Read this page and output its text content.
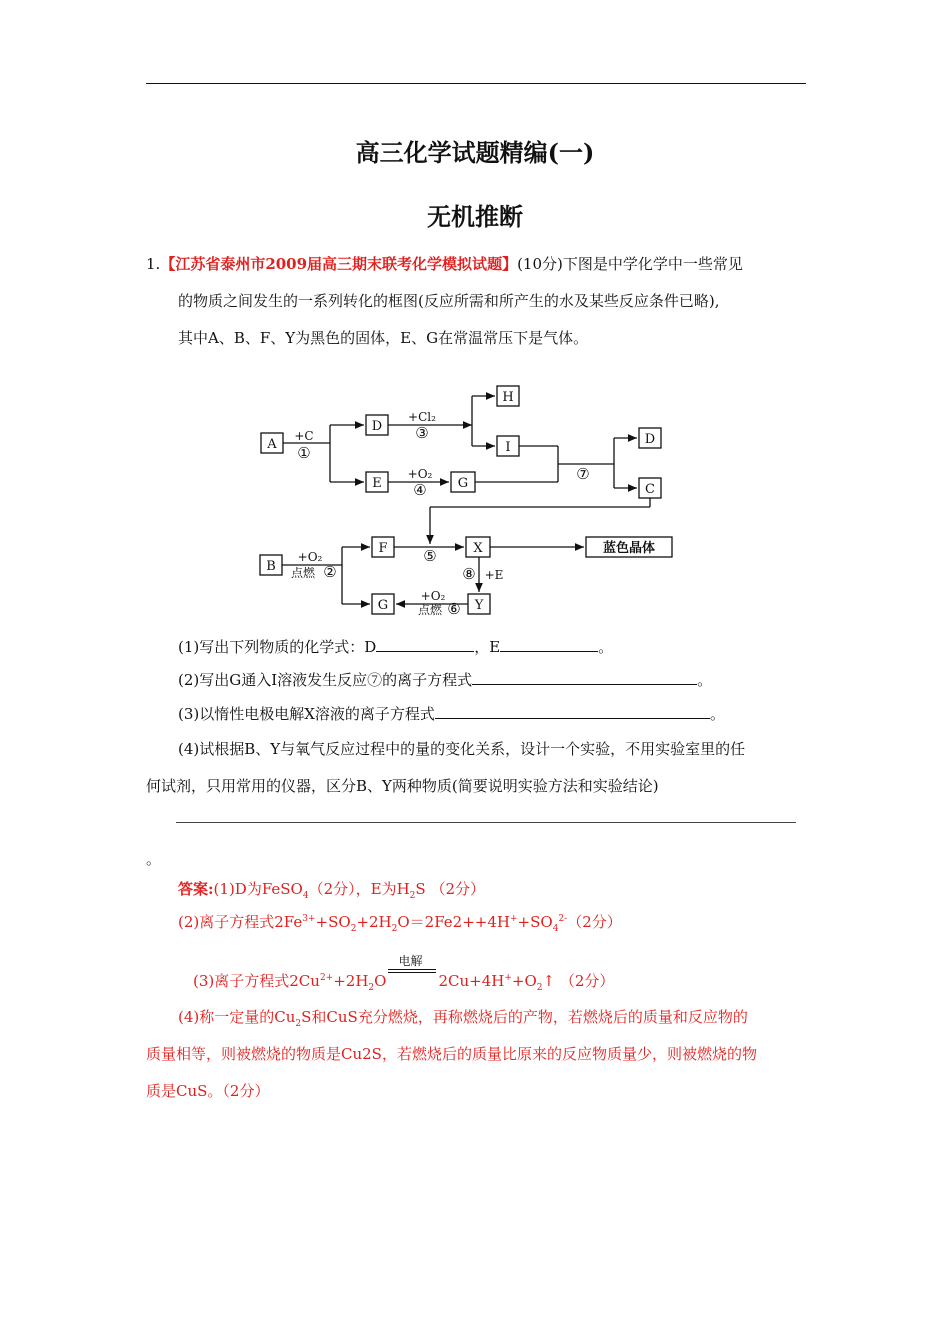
高三化学试题精编(一)
无机推断
1.【江苏省泰州市2009届高三期末联考化学模拟试题】(10分)下图是中学化学中一些常见
的物质之间发生的一系列转化的框图(反应所需和所产生的水及某些反应条件已略),
其中A、B、F、Y为黑色的固体，E、G在常温常压下是气体。
A
D
E	G
H
I
D
C
B
F	X	蓝色晶体
G	Y
+C
①
+Cl₂
③
+O₂
④
⑦
+O₂
点燃 ②
⑤
⑧ +E
+O₂
点燃 ⑥
(1)写出下列物质的化学式：D	，E	。
(2)写出G通入I溶液发生反应⑦的离子方程式	。
(3)以惰性电极电解X溶液的离子方程式	。
(4)试根据B、Y与氧气反应过程中的量的变化关系，设计一个实验，不用实验室里的任
何试剂，只用常用的仪器，区分B、Y两种物质(简要说明实验方法和实验结论)
。
答案:(1)D为FeSO$_4$（2分），E为$H_2S$ （2分）
(2)离子方程式$2Fe^{3+}+SO_2+2H_2O=2Fe2++4H^++SO_4^{2-}(2$分）
(3)离子方程式$2Cu^{2+}+2H_2O$
电解
$2Cu+4H^++O_2↑$ （2分）
(4)称一定量的$Cu_2S$和CuS充分燃烧，再称燃烧后的产物，若燃烧后的质量和反应物的
质量相等，则被燃烧的物质是Cu2S，若燃烧后的质量比原来的反应物质量少，则被燃烧的物
质是CuS。（2分）
